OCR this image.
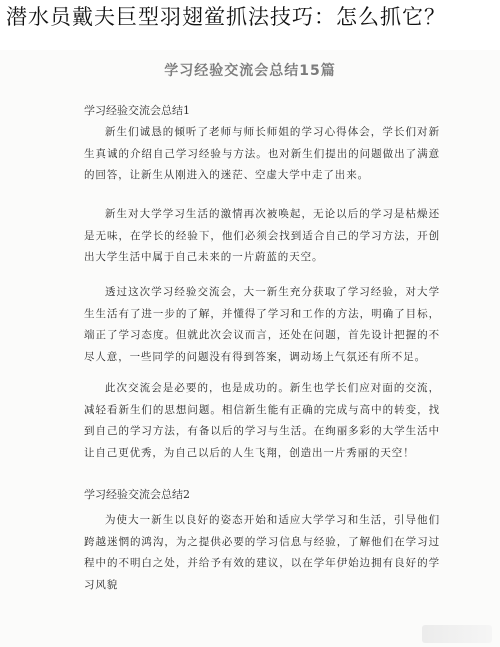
潜水员戴夫巨型羽翅鲎抓法技巧：怎么抓它？
学习经验交流会总结15篇
学习经验交流会总结1

新生们诚恳的倾听了老师与师长师姐的学习心得体会，学长们对新生真诚的介绍自己学习经验与方法。也对新生们提出的问题做出了满意的回答，让新生从刚进入的迷茫、空虚大学中走了出来。

新生对大学学习生活的激情再次被唤起，无论以后的学习是枯燥还是无味，在学长的经验下，他们必须会找到适合自己的学习方法，开创出大学生活中属于自己未来的一片蔚蓝的天空。

透过这次学习经验交流会，大一新生充分获取了学习经验，对大学生生活有了进一步的了解，并懂得了学习和工作的方法，明确了目标，端正了学习态度。但就此次会议而言，还处在问题，首先设计把握的不尽人意，一些同学的问题没有得到答案，调动场上气氛还有所不足。

此次交流会是必要的，也是成功的。新生也学长们应对面的交流，减轻看新生们的思想问题。相信新生能有正确的完成与高中的转变，找到自己的学习方法，有备以后的学习与生活。在绚丽多彩的大学生活中让自己更优秀，为自己以后的人生飞翔，创造出一片秀丽的天空！

学习经验交流会总结2

为使大一新生以良好的姿态开始和适应大学学习和生活，引导他们跨越迷惘的鸿沟，为之提供必要的学习信息与经验，了解他们在学习过程中的不明白之处，并给予有效的建议，以在学年伊始边拥有良好的学习风貌
